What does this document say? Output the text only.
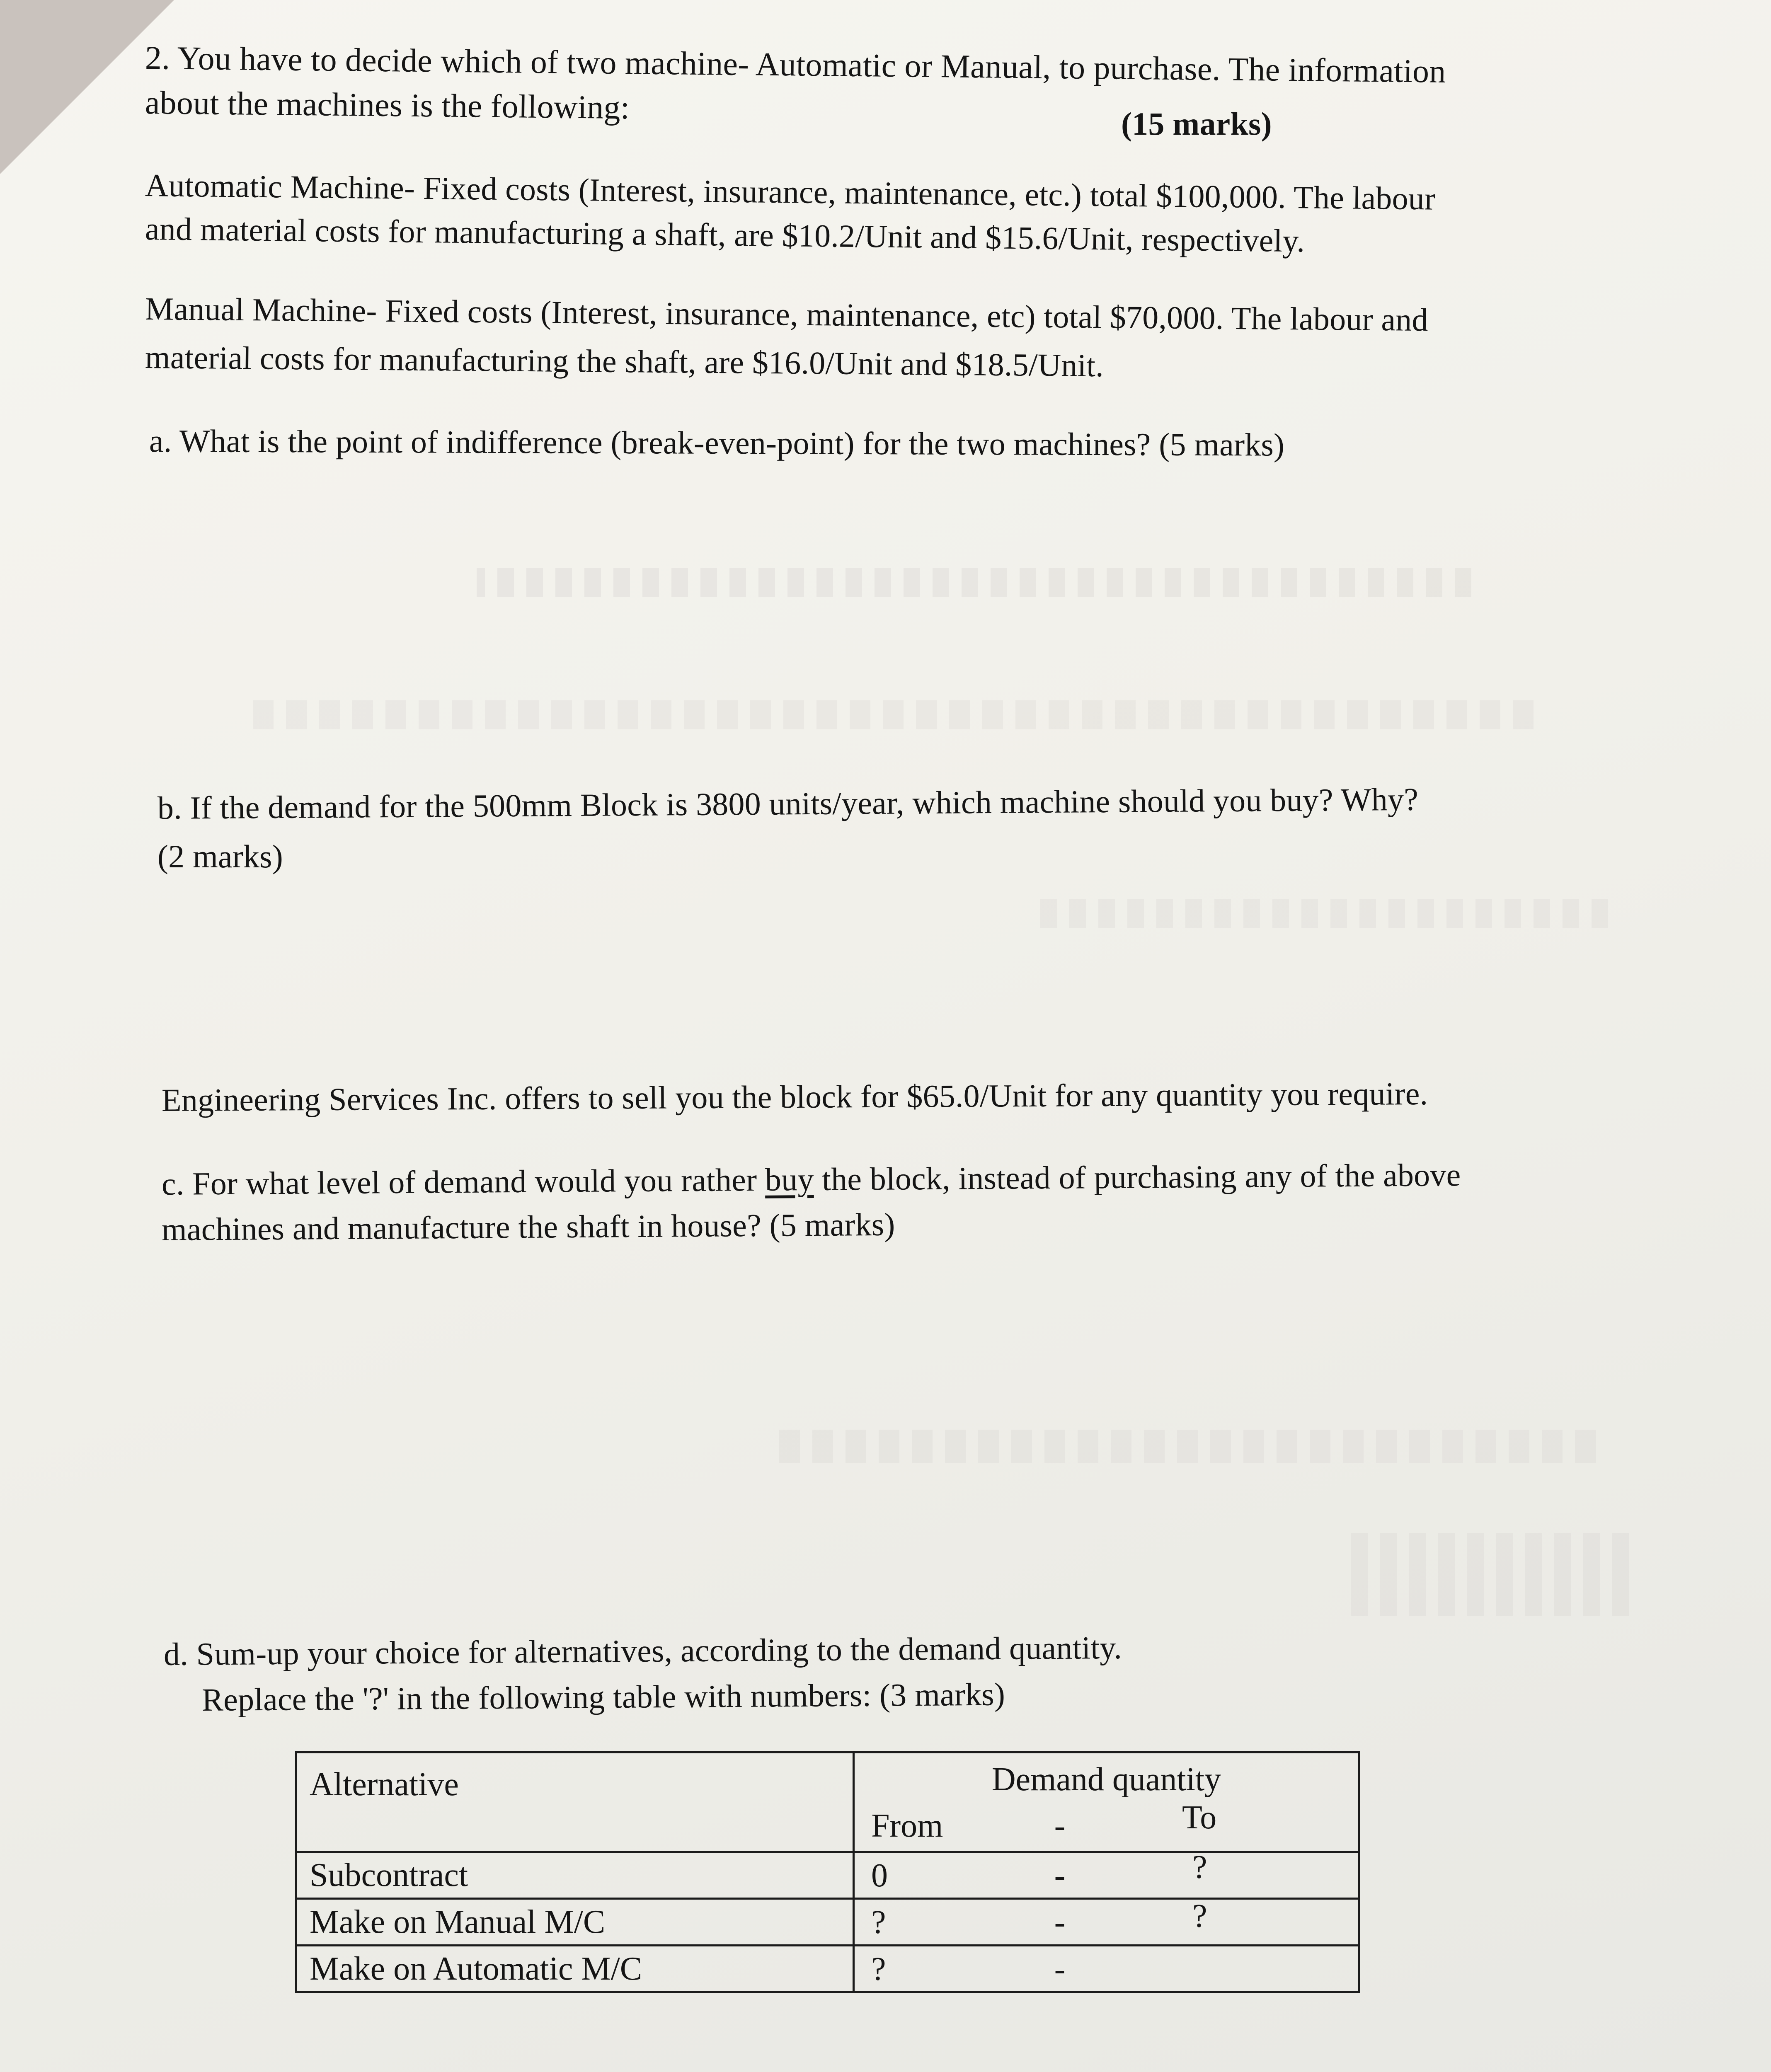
2. You have to decide which of two machine- Automatic or Manual, to purchase. The information
about the machines is the following:	(15 marks)
Automatic Machine- Fixed costs (Interest, insurance, maintenance, etc.) total $100,000. The labour
and material costs for manufacturing a shaft, are $10.2/Unit and $15.6/Unit, respectively.
Manual Machine- Fixed costs (Interest, insurance, maintenance, etc) total $70,000. The labour and
material costs for manufacturing the shaft, are $16.0/Unit and $18.5/Unit.
a. What is the point of indifference (break-even-point) for the two machines? (5 marks)
b. If the demand for the 500mm Block is 3800 units/year, which machine should you buy? Why?
(2 marks)
Engineering Services Inc. offers to sell you the block for $65.0/Unit for any quantity you require.
c. For what level of demand would you rather buy the block, instead of purchasing any of the above
machines and manufacture the shaft in house? (5 marks)
d. Sum-up your choice for alternatives, according to the demand quantity.
Replace the '?' in the following table with numbers: (3 marks)
Alternative	Demand quantity
From - To

Subcontract	0 - ?

Make on Manual M/C	? - ?

Make on Automatic M/C	? -
